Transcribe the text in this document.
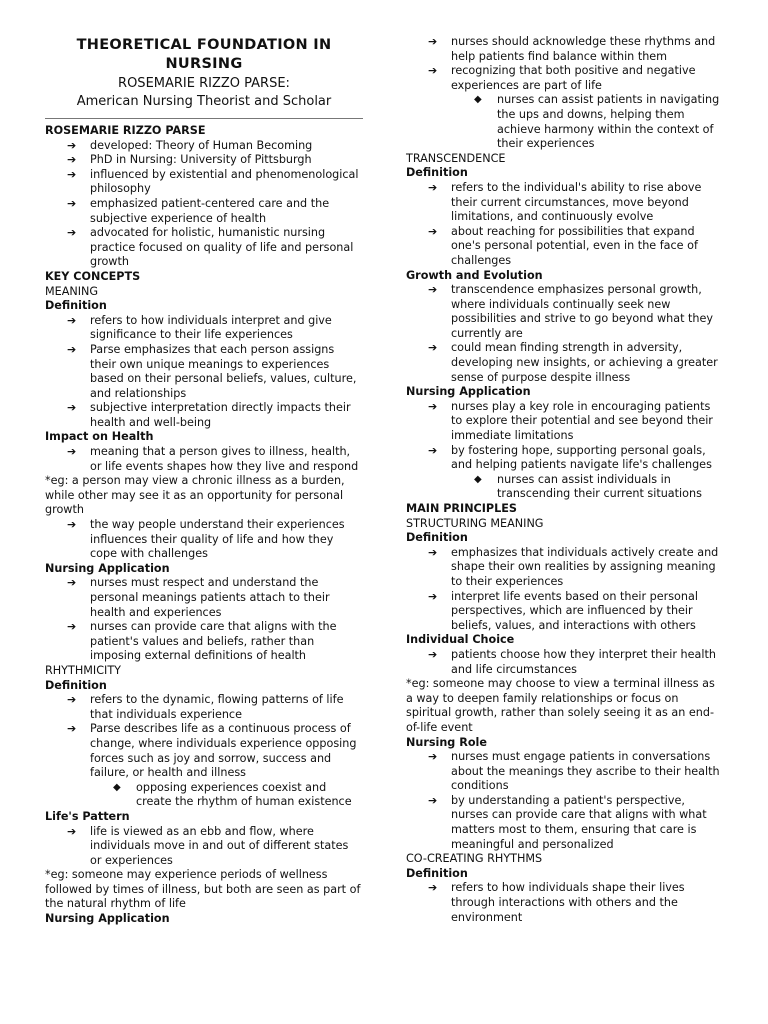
THEORETICAL FOUNDATION IN NURSING
ROSEMARIE RIZZO PARSE:
American Nursing Theorist and Scholar
ROSEMARIE RIZZO PARSE
➔ developed: Theory of Human Becoming
➔ PhD in Nursing: University of Pittsburgh
➔ influenced by existential and phenomenological philosophy
➔ emphasized patient-centered care and the subjective experience of health
➔ advocated for holistic, humanistic nursing practice focused on quality of life and personal growth
KEY CONCEPTS
MEANING
Definition
➔ refers to how individuals interpret and give significance to their life experiences
➔ Parse emphasizes that each person assigns their own unique meanings to experiences based on their personal beliefs, values, culture, and relationships
➔ subjective interpretation directly impacts their health and well-being
Impact on Health
➔ meaning that a person gives to illness, health, or life events shapes how they live and respond
*eg: a person may view a chronic illness as a burden, while other may see it as an opportunity for personal growth
➔ the way people understand their experiences influences their quality of life and how they cope with challenges
Nursing Application
➔ nurses must respect and understand the personal meanings patients attach to their health and experiences
➔ nurses can provide care that aligns with the patient's values and beliefs, rather than imposing external definitions of health
RHYTHMICITY
Definition
➔ refers to the dynamic, flowing patterns of life that individuals experience
➔ Parse describes life as a continuous process of change, where individuals experience opposing forces such as joy and sorrow, success and failure, or health and illness
◆ opposing experiences coexist and create the rhythm of human existence
Life's Pattern
➔ life is viewed as an ebb and flow, where individuals move in and out of different states or experiences
*eg: someone may experience periods of wellness followed by times of illness, but both are seen as part of the natural rhythm of life
Nursing Application
➔ nurses should acknowledge these rhythms and help patients find balance within them
➔ recognizing that both positive and negative experiences are part of life
◆ nurses can assist patients in navigating the ups and downs, helping them achieve harmony within the context of their experiences
TRANSCENDENCE
Definition
➔ refers to the individual's ability to rise above their current circumstances, move beyond limitations, and continuously evolve
➔ about reaching for possibilities that expand one's personal potential, even in the face of challenges
Growth and Evolution
➔ transcendence emphasizes personal growth, where individuals continually seek new possibilities and strive to go beyond what they currently are
➔ could mean finding strength in adversity, developing new insights, or achieving a greater sense of purpose despite illness
Nursing Application
➔ nurses play a key role in encouraging patients to explore their potential and see beyond their immediate limitations
➔ by fostering hope, supporting personal goals, and helping patients navigate life's challenges
◆ nurses can assist individuals in transcending their current situations
MAIN PRINCIPLES
STRUCTURING MEANING
Definition
➔ emphasizes that individuals actively create and shape their own realities by assigning meaning to their experiences
➔ interpret life events based on their personal perspectives, which are influenced by their beliefs, values, and interactions with others
Individual Choice
➔ patients choose how they interpret their health and life circumstances
*eg: someone may choose to view a terminal illness as a way to deepen family relationships or focus on spiritual growth, rather than solely seeing it as an end-of-life event
Nursing Role
➔ nurses must engage patients in conversations about the meanings they ascribe to their health conditions
➔ by understanding a patient's perspective, nurses can provide care that aligns with what matters most to them, ensuring that care is meaningful and personalized
CO-CREATING RHYTHMS
Definition
➔ refers to how individuals shape their lives through interactions with others and the environment
